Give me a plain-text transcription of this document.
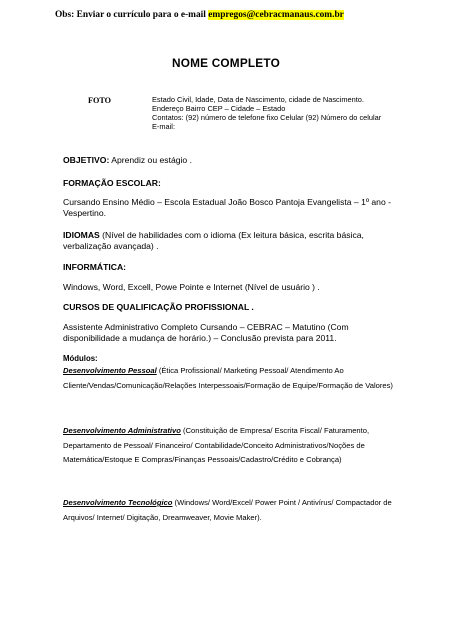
Obs: Enviar o currículo para o e-mail empregos@cebracmanaus.com.br
NOME COMPLETO
FOTO	Estado Civil, Idade, Data de Nascimento, cidade de Nascimento.
Endereço Bairro CEP – Cidade – Estado
Contatos: (92) número de telefone fixo Celular (92) Número do celular
E-mail:
OBJETIVO: Aprendiz ou estágio .
FORMAÇÃO ESCOLAR:
Cursando Ensino Médio – Escola Estadual João Bosco Pantoja Evangelista – 1º ano - Vespertino.
IDIOMAS (Nível de habilidades com o idioma (Ex leitura básica, escrita básica, verbalização avançada) .
INFORMÁTICA:
Windows, Word, Excell, Powe Pointe e Internet (Nível de usuário ) .
CURSOS DE QUALIFICAÇÃO PROFISSIONAL .
Assistente Administrativo Completo Cursando – CEBRAC – Matutino (Com disponibilidade a mudança de horário.) – Conclusão prevista para 2011.
Módulos:
Desenvolvimento Pessoal (Ética Profissional/ Marketing Pessoal/ Atendimento Ao Cliente/Vendas/Comunicação/Relações Interpessoais/Formação de Equipe/Formação de Valores)
Desenvolvimento Administrativo (Constituição de Empresa/ Escrita Fiscal/ Faturamento, Departamento de Pessoal/ Financeiro/ Contabilidade/Conceito Administrativos/Noções de Matemática/Estoque E Compras/Finanças Pessoais/Cadastro/Crédito e Cobrança)
Desenvolvimento Tecnológico (Windows/ Word/Excel/ Power Point / Antivírus/ Compactador de Arquivos/ Internet/ Digitação, Dreamweaver, Movie Maker).
